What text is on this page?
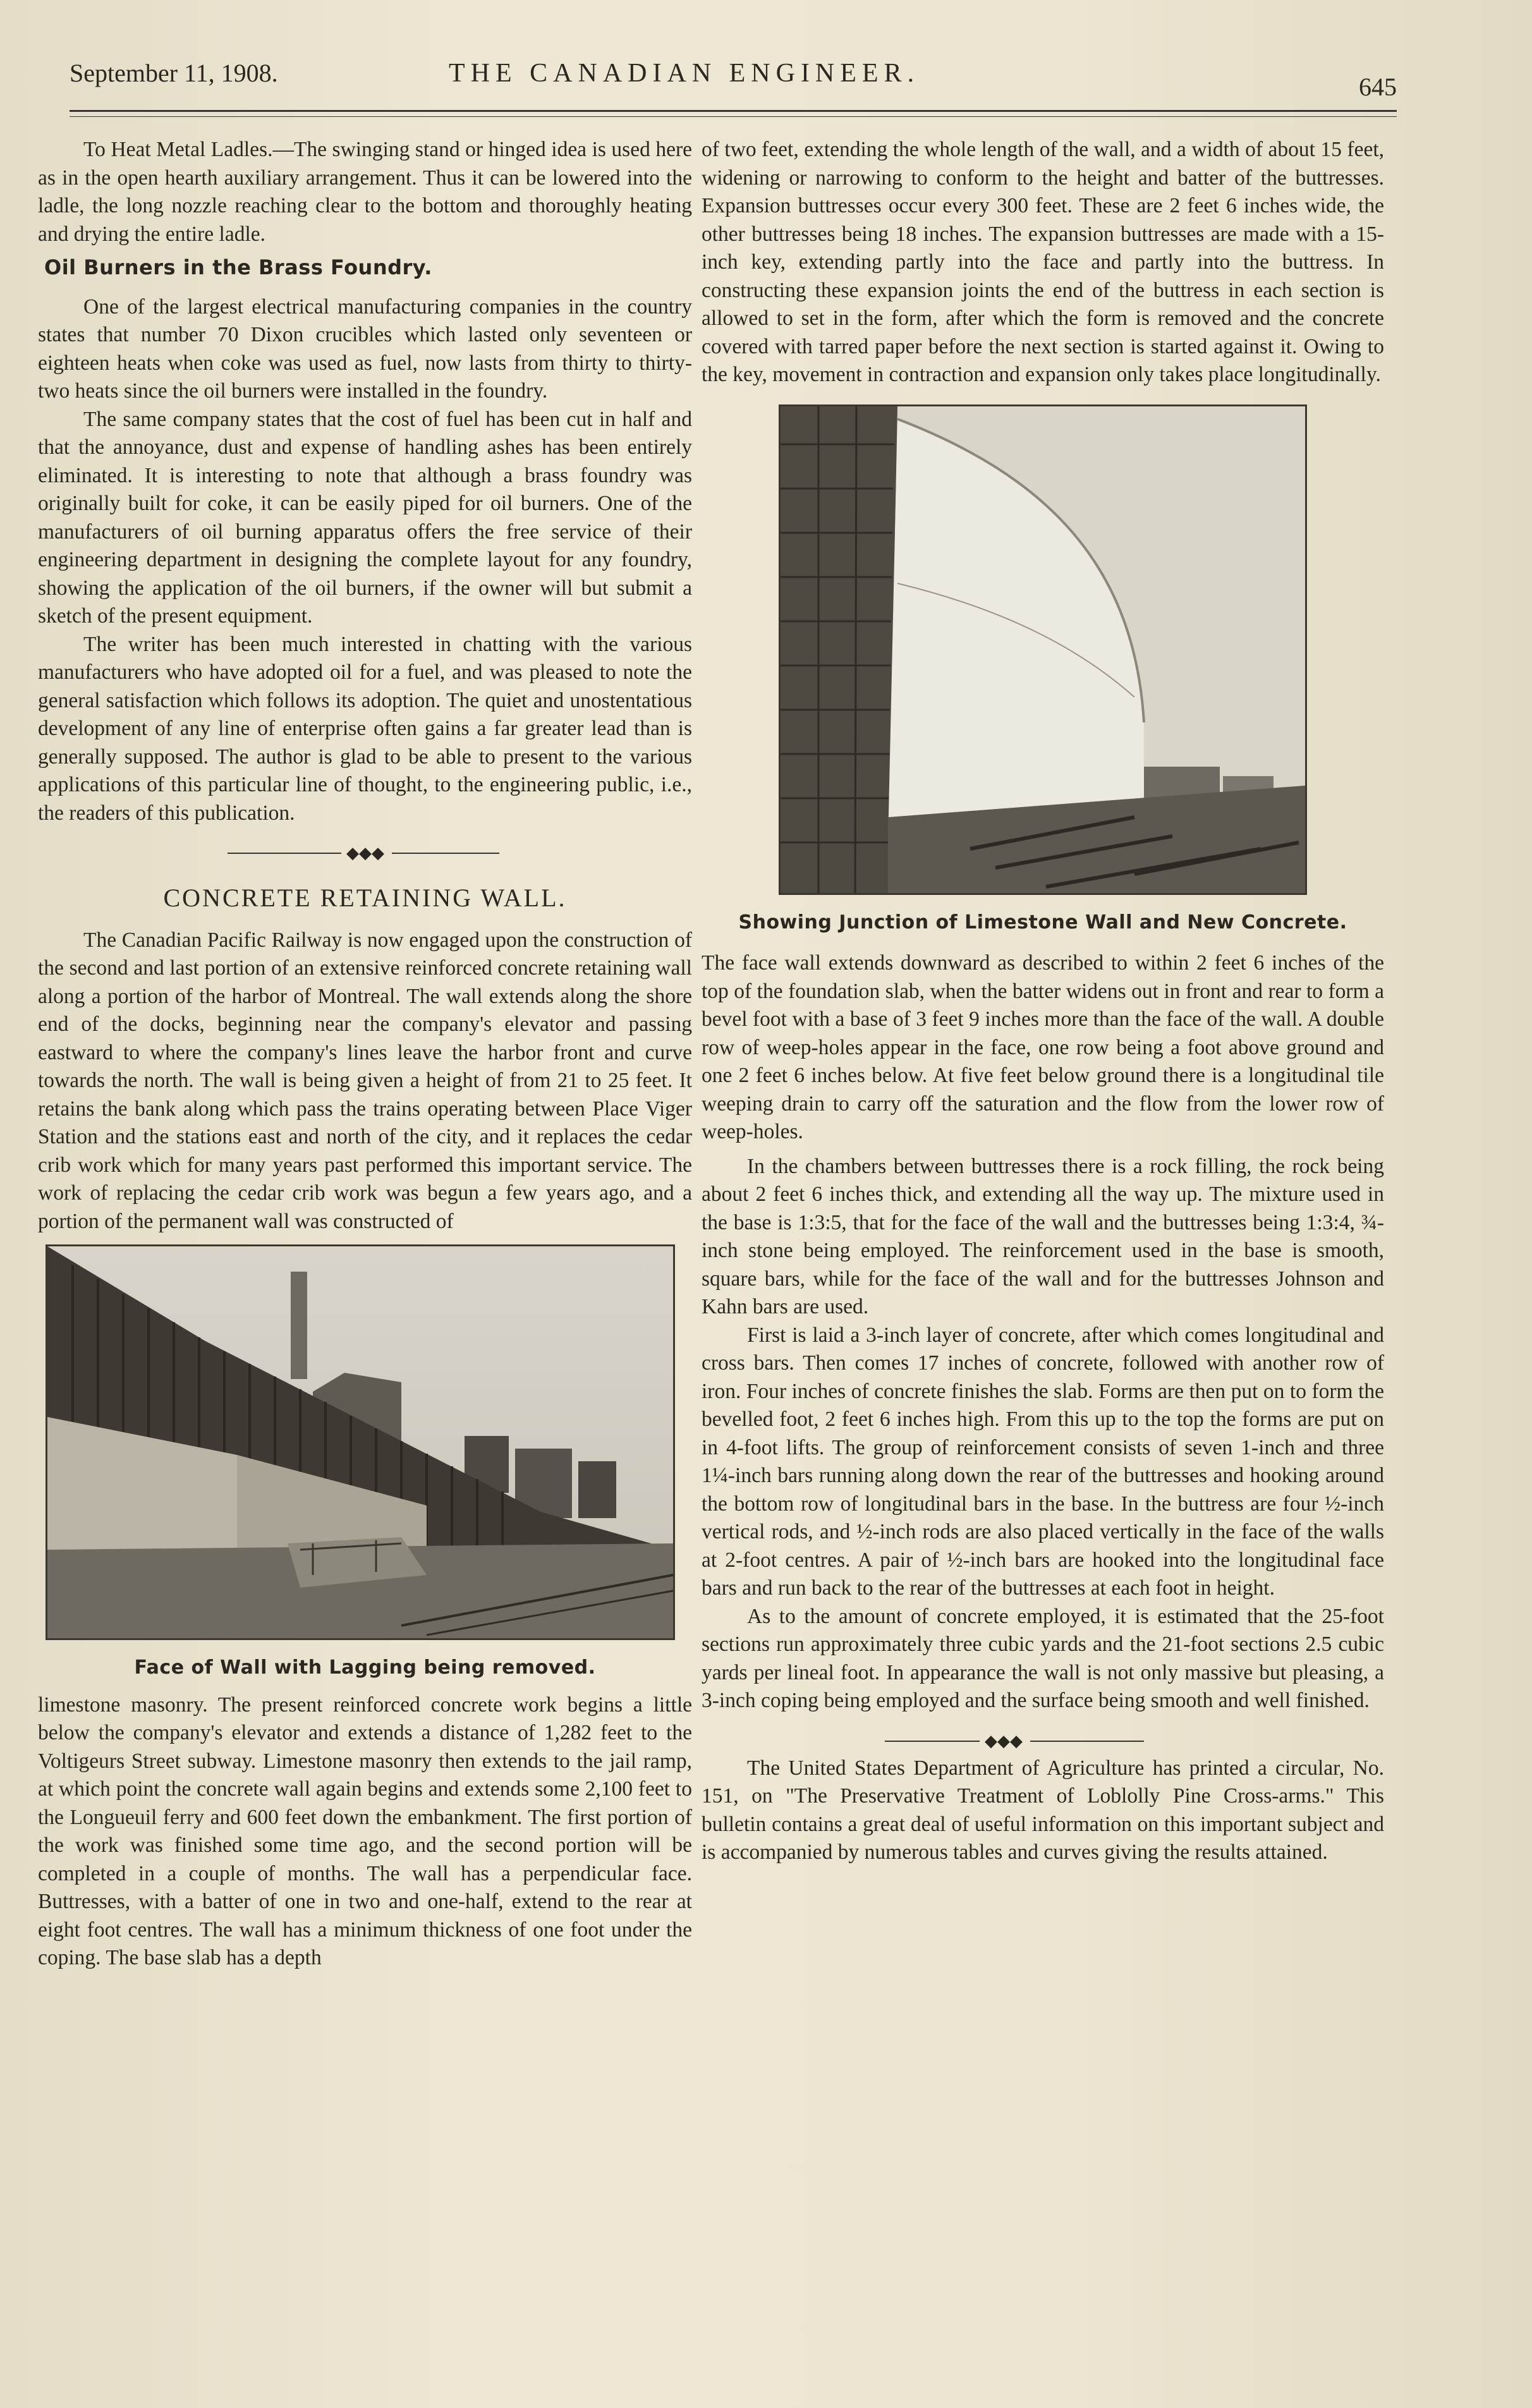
September 11, 1908.	THE CANADIAN ENGINEER.	645

To Heat Metal Ladles.—The swinging stand or hinged idea is used here as in the open hearth auxiliary arrangement. Thus it can be lowered into the ladle, the long nozzle reaching clear to the bottom and thoroughly heating and drying the entire ladle.

Oil Burners in the Brass Foundry.

One of the largest electrical manufacturing companies in the country states that number 70 Dixon crucibles which lasted only seventeen or eighteen heats when coke was used as fuel, now lasts from thirty to thirty-two heats since the oil burners were installed in the foundry.

The same company states that the cost of fuel has been cut in half and that the annoyance, dust and expense of handling ashes has been entirely eliminated. It is interesting to note that although a brass foundry was originally built for coke, it can be easily piped for oil burners. One of the manufacturers of oil burning apparatus offers the free service of their engineering department in designing the complete layout for any foundry, showing the application of the oil burners, if the owner will but submit a sketch of the present equipment.

The writer has been much interested in chatting with the various manufacturers who have adopted oil for a fuel, and was pleased to note the general satisfaction which follows its adoption. The quiet and unostentatious development of any line of enterprise often gains a far greater lead than is generally supposed. The author is glad to be able to present to the various applications of this particular line of thought, to the engineering public, i.e., the readers of this publication.

◆◆◆
CONCRETE RETAINING WALL.

The Canadian Pacific Railway is now engaged upon the construction of the second and last portion of an extensive reinforced concrete retaining wall along a portion of the harbor of Montreal. The wall extends along the shore end of the docks, beginning near the company's elevator and passing eastward to where the company's lines leave the harbor front and curve towards the north. The wall is being given a height of from 21 to 25 feet. It retains the bank along which pass the trains operating between Place Viger Station and the stations east and north of the city, and it replaces the cedar crib work which for many years past performed this important service. The work of replacing the cedar crib work was begun a few years ago, and a portion of the permanent wall was constructed of

Face of Wall with Lagging being removed.

limestone masonry. The present reinforced concrete work begins a little below the company's elevator and extends a distance of 1,282 feet to the Voltigeurs Street subway. Limestone masonry then extends to the jail ramp, at which point the concrete wall again begins and extends some 2,100 feet to the Longueuil ferry and 600 feet down the embankment. The first portion of the work was finished some time ago, and the second portion will be completed in a couple of months. The wall has a perpendicular face. Buttresses, with a batter of one in two and one-half, extend to the rear at eight foot centres. The wall has a minimum thickness of one foot under the coping. The base slab has a depth

of two feet, extending the whole length of the wall, and a width of about 15 feet, widening or narrowing to conform to the height and batter of the buttresses. Expansion buttresses occur every 300 feet. These are 2 feet 6 inches wide, the other buttresses being 18 inches. The expansion buttresses are made with a 15-inch key, extending partly into the face and partly into the buttress. In constructing these expansion joints the end of the buttress in each section is allowed to set in the form, after which the form is removed and the concrete covered with tarred paper before the next section is started against it. Owing to the key, movement in contraction and expansion only takes place longitudinally.

Showing Junction of Limestone Wall and New Concrete.

The face wall extends downward as described to within 2 feet 6 inches of the top of the foundation slab, when the batter widens out in front and rear to form a bevel foot with a base of 3 feet 9 inches more than the face of the wall. A double row of weep-holes appear in the face, one row being a foot above ground and one 2 feet 6 inches below. At five feet below ground there is a longitudinal tile weeping drain to carry off the saturation and the flow from the lower row of weep-holes.

In the chambers between buttresses there is a rock filling, the rock being about 2 feet 6 inches thick, and extending all the way up. The mixture used in the base is 1:3:5, that for the face of the wall and the buttresses being 1:3:4, ¾-inch stone being employed. The reinforcement used in the base is smooth, square bars, while for the face of the wall and for the buttresses Johnson and Kahn bars are used.

First is laid a 3-inch layer of concrete, after which comes longitudinal and cross bars. Then comes 17 inches of concrete, followed with another row of iron. Four inches of concrete finishes the slab. Forms are then put on to form the bevelled foot, 2 feet 6 inches high. From this up to the top the forms are put on in 4-foot lifts. The group of reinforcement consists of seven 1-inch and three 1¼-inch bars running along down the rear of the buttresses and hooking around the bottom row of longitudinal bars in the base. In the buttress are four ½-inch vertical rods, and ½-inch rods are also placed vertically in the face of the walls at 2-foot centres. A pair of ½-inch bars are hooked into the longitudinal face bars and run back to the rear of the buttresses at each foot in height.

As to the amount of concrete employed, it is estimated that the 25-foot sections run approximately three cubic yards and the 21-foot sections 2.5 cubic yards per lineal foot. In appearance the wall is not only massive but pleasing, a 3-inch coping being employed and the surface being smooth and well finished.

◆◆◆

The United States Department of Agriculture has printed a circular, No. 151, on "The Preservative Treatment of Loblolly Pine Cross-arms." This bulletin contains a great deal of useful information on this important subject and is accompanied by numerous tables and curves giving the results attained.
